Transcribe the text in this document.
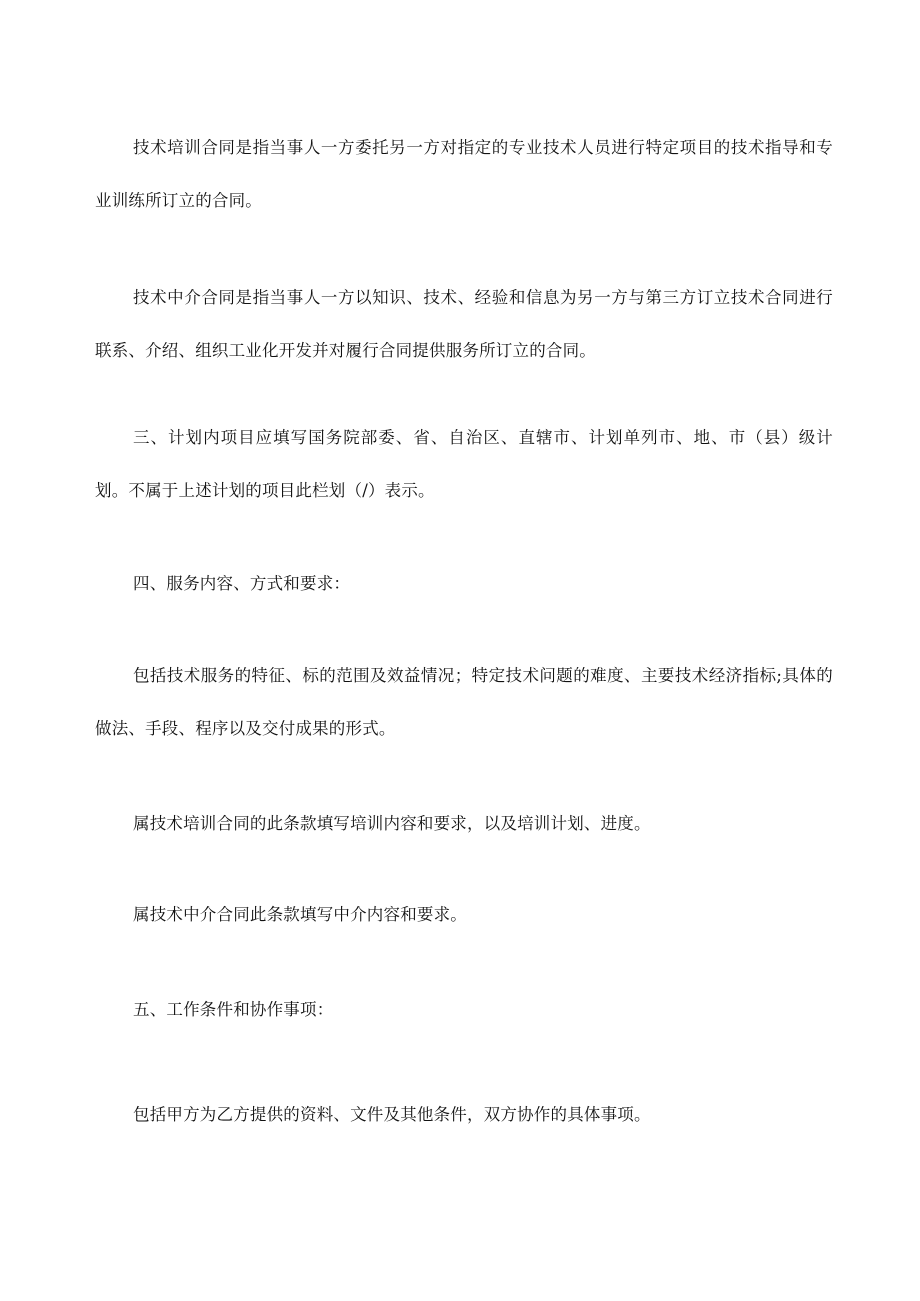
技术培训合同是指当事人一方委托另一方对指定的专业技术人员进行特定项目的技术指导和专业训练所订立的合同。

技术中介合同是指当事人一方以知识、技术、经验和信息为另一方与第三方订立技术合同进行联系、介绍、组织工业化开发并对履行合同提供服务所订立的合同。

三、计划内项目应填写国务院部委、省、自治区、直辖市、计划单列市、地、市（县）级计划。不属于上述计划的项目此栏划（/）表示。

四、服务内容、方式和要求：

包括技术服务的特征、标的范围及效益情况；特定技术问题的难度、主要技术经济指标;具体的做法、手段、程序以及交付成果的形式。

属技术培训合同的此条款填写培训内容和要求，以及培训计划、进度。

属技术中介合同此条款填写中介内容和要求。

五、工作条件和协作事项：

包括甲方为乙方提供的资料、文件及其他条件，双方协作的具体事项。
